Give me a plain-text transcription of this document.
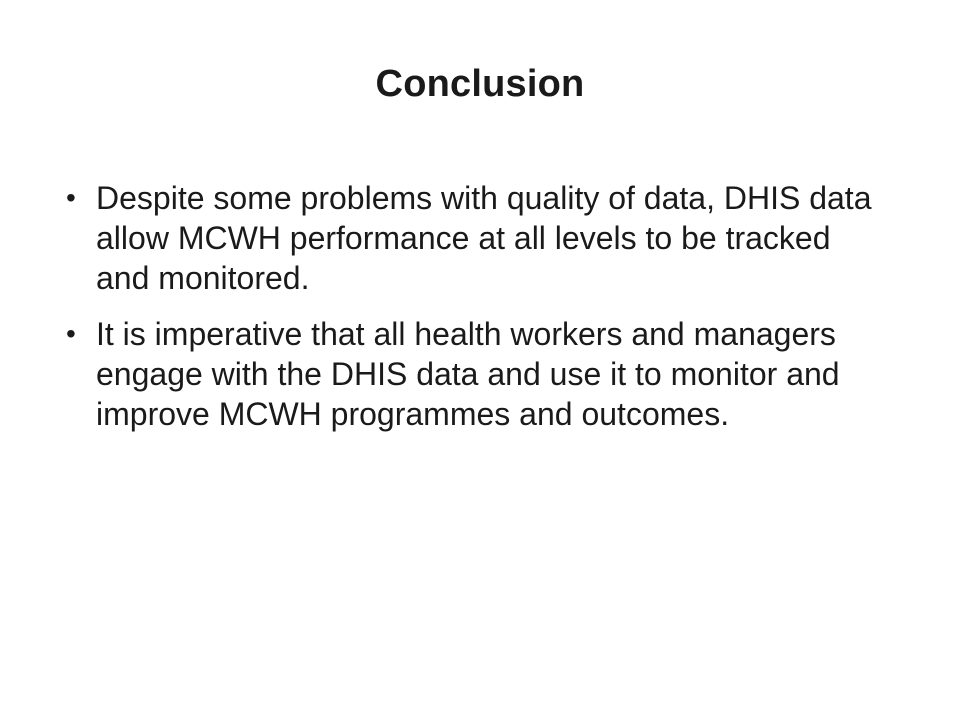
Conclusion
• Despite some problems with quality of data, DHIS data allow MCWH performance at all levels to be tracked and monitored.
• It is imperative that all health workers and managers engage with the DHIS data and use it to monitor and improve MCWH programmes and outcomes.
